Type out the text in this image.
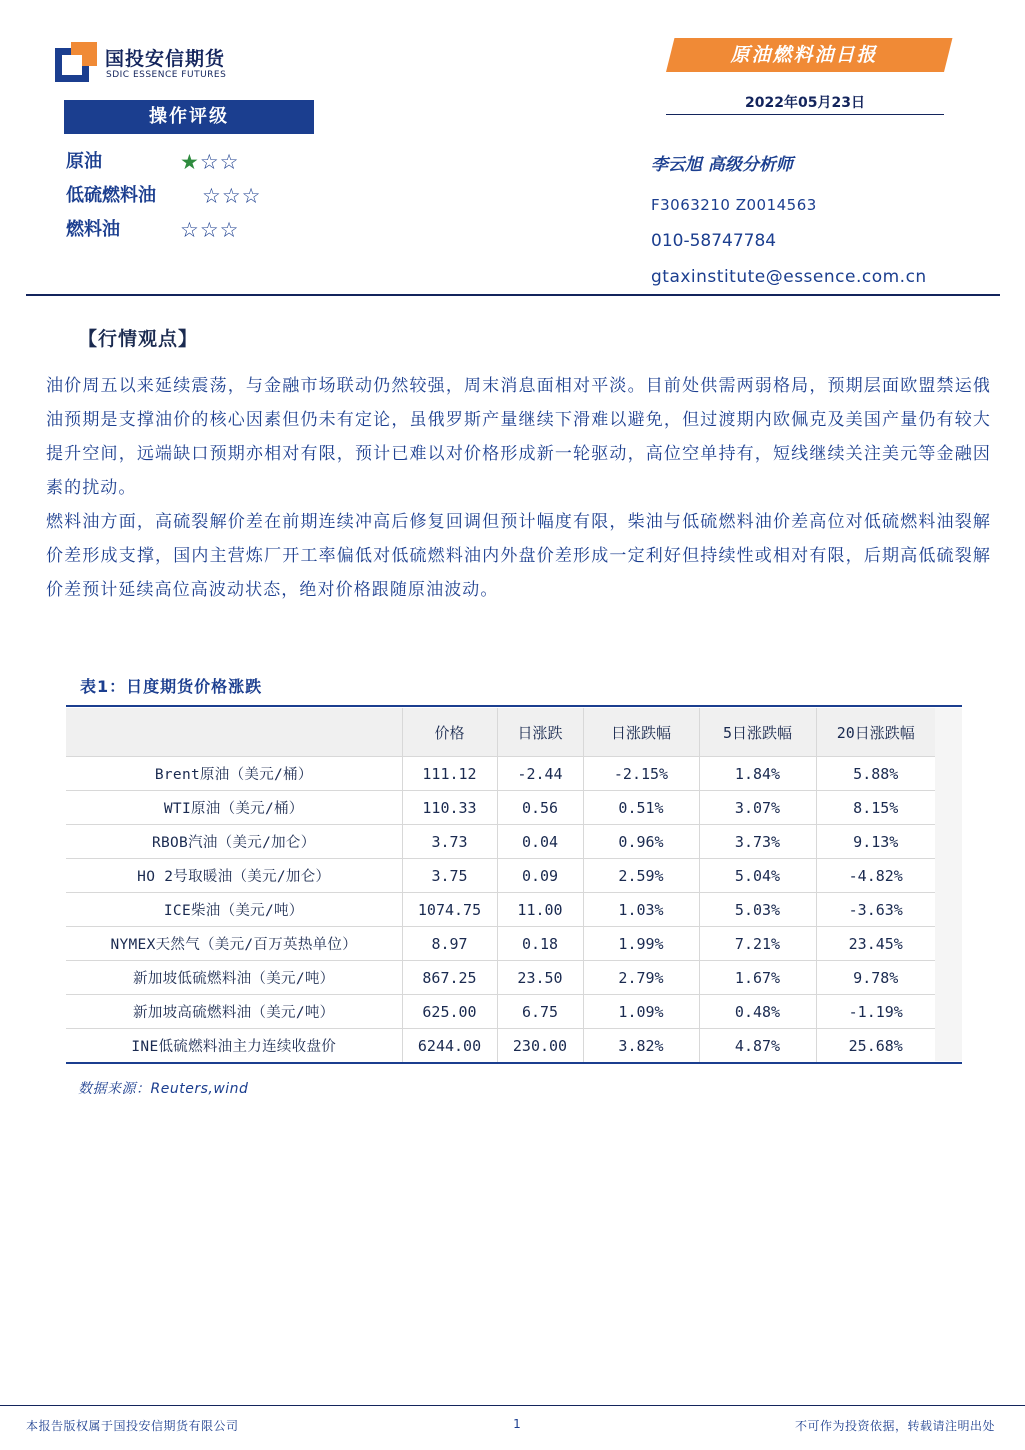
国投安信期货
SDIC ESSENCE FUTURES
原油燃料油日报
2022年05月23日
操作评级
原油	★☆☆
低硫燃料油 ☆☆☆
燃料油	☆☆☆
李云旭 高级分析师
F3063210 Z0014563
010-58747784
gtaxinstitute@essence.com.cn
【行情观点】
油价周五以来延续震荡，与金融市场联动仍然较强，周末消息面相对平淡。目前处供需两弱格局，预期层面欧盟禁运俄油预期是支撑油价的核心因素但仍未有定论，虽俄罗斯产量继续下滑难以避免，但过渡期内欧佩克及美国产量仍有较大提升空间，远端缺口预期亦相对有限，预计已难以对价格形成新一轮驱动，高位空单持有，短线继续关注美元等金融因素的扰动。
燃料油方面，高硫裂解价差在前期连续冲高后修复回调但预计幅度有限，柴油与低硫燃料油价差高位对低硫燃料油裂解价差形成支撑，国内主营炼厂开工率偏低对低硫燃料油内外盘价差形成一定利好但持续性或相对有限，后期高低硫裂解价差预计延续高位高波动状态，绝对价格跟随原油波动。
表1：日度期货价格涨跌
	价格	日涨跌	日涨跌幅	5日涨跌幅	20日涨跌幅
Brent原油（美元/桶）	111.12	-2.44	-2.15%	1.84%	5.88%
WTI原油（美元/桶）	110.33	0.56	0.51%	3.07%	8.15%
RBOB汽油（美元/加仑）	3.73	0.04	0.96%	3.73%	9.13%
HO 2号取暖油（美元/加仑）	3.75	0.09	2.59%	5.04%	-4.82%
ICE柴油（美元/吨）	1074.75	11.00	1.03%	5.03%	-3.63%
NYMEX天然气（美元/百万英热单位）	8.97	0.18	1.99%	7.21%	23.45%
新加坡低硫燃料油（美元/吨）	867.25	23.50	2.79%	1.67%	9.78%
新加坡高硫燃料油（美元/吨）	625.00	6.75	1.09%	0.48%	-1.19%
INE低硫燃料油主力连续收盘价	6244.00	230.00	3.82%	4.87%	25.68%
数据来源：Reuters,wind
本报告版权属于国投安信期货有限公司	1	不可作为投资依据，转载请注明出处
